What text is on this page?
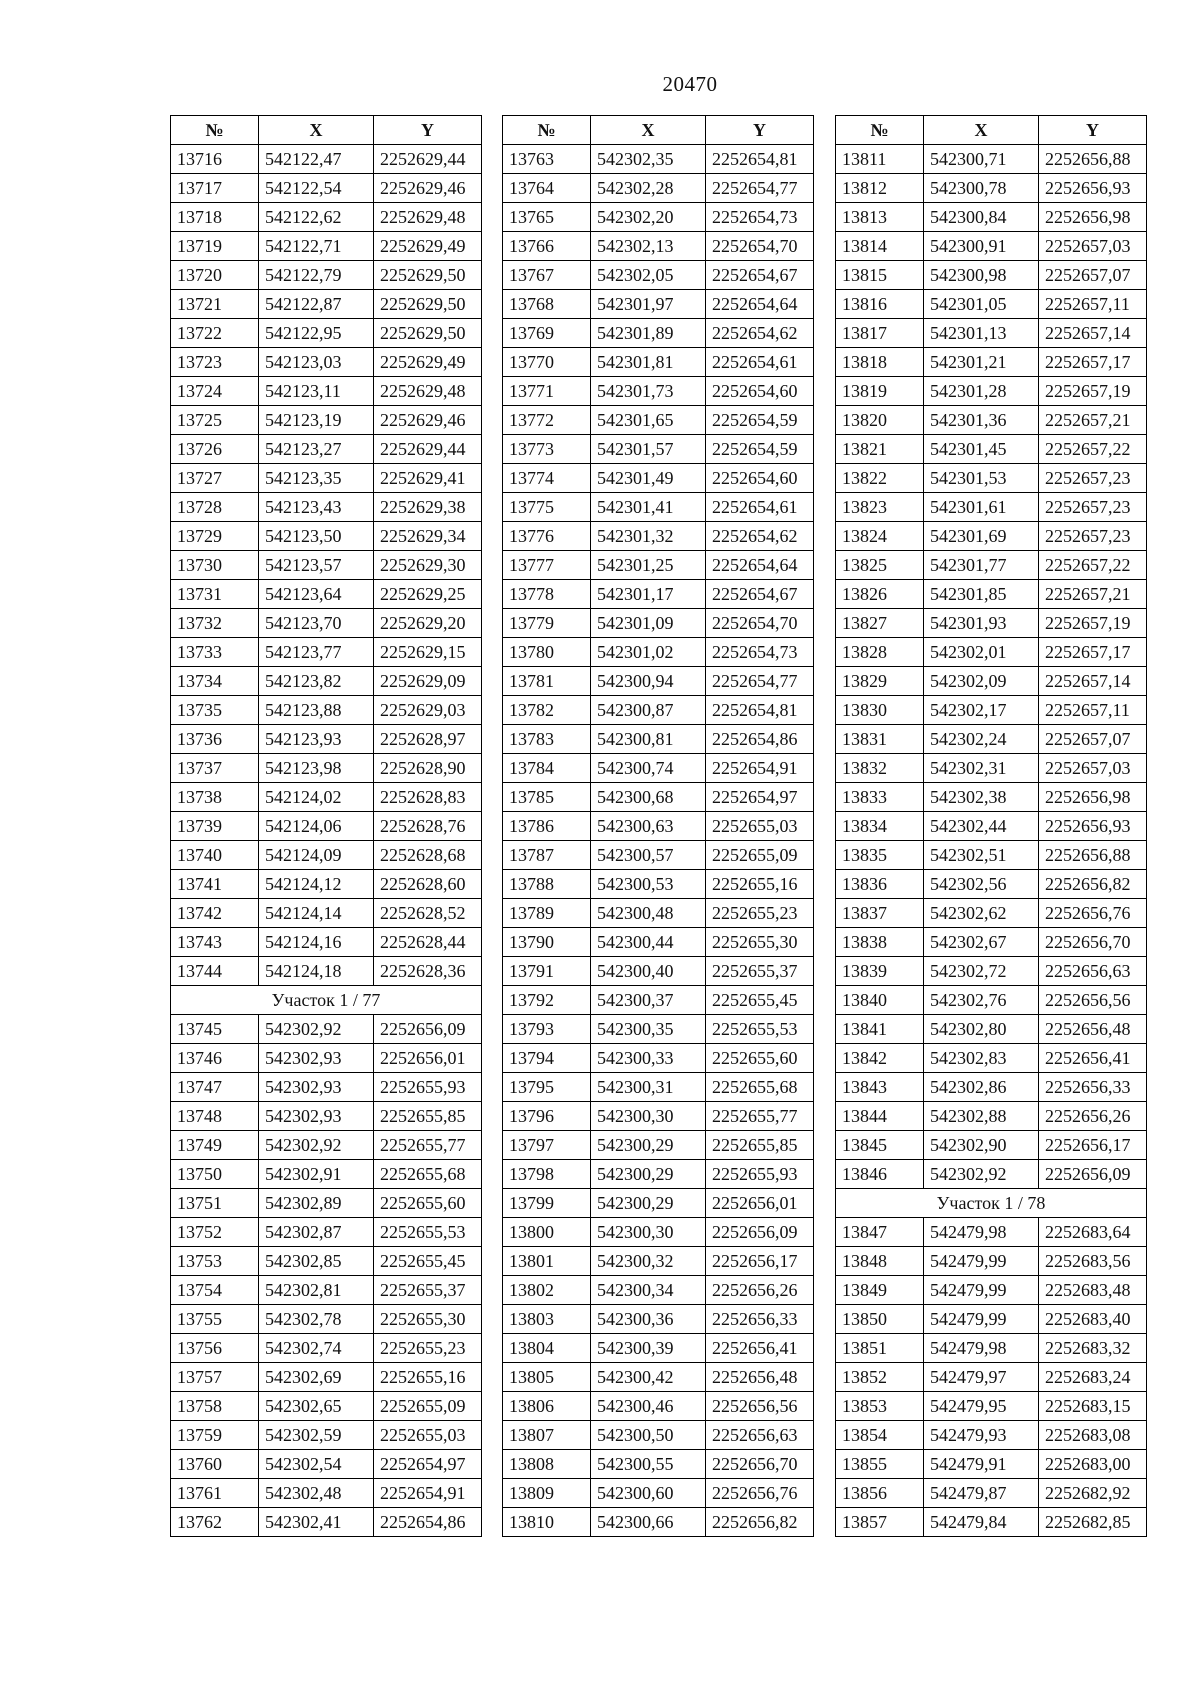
20470
№	X	Y
13716	542122,47	2252629,44
13717	542122,54	2252629,46
13718	542122,62	2252629,48
13719	542122,71	2252629,49
13720	542122,79	2252629,50
13721	542122,87	2252629,50
13722	542122,95	2252629,50
13723	542123,03	2252629,49
13724	542123,11	2252629,48
13725	542123,19	2252629,46
13726	542123,27	2252629,44
13727	542123,35	2252629,41
13728	542123,43	2252629,38
13729	542123,50	2252629,34
13730	542123,57	2252629,30
13731	542123,64	2252629,25
13732	542123,70	2252629,20
13733	542123,77	2252629,15
13734	542123,82	2252629,09
13735	542123,88	2252629,03
13736	542123,93	2252628,97
13737	542123,98	2252628,90
13738	542124,02	2252628,83
13739	542124,06	2252628,76
13740	542124,09	2252628,68
13741	542124,12	2252628,60
13742	542124,14	2252628,52
13743	542124,16	2252628,44
13744	542124,18	2252628,36
Участок 1 / 77		
13745	542302,92	2252656,09
13746	542302,93	2252656,01
13747	542302,93	2252655,93
13748	542302,93	2252655,85
13749	542302,92	2252655,77
13750	542302,91	2252655,68
13751	542302,89	2252655,60
13752	542302,87	2252655,53
13753	542302,85	2252655,45
13754	542302,81	2252655,37
13755	542302,78	2252655,30
13756	542302,74	2252655,23
13757	542302,69	2252655,16
13758	542302,65	2252655,09
13759	542302,59	2252655,03
13760	542302,54	2252654,97
13761	542302,48	2252654,91
13762	542302,41	2252654,86
№	X	Y
13763	542302,35	2252654,81
13764	542302,28	2252654,77
13765	542302,20	2252654,73
13766	542302,13	2252654,70
13767	542302,05	2252654,67
13768	542301,97	2252654,64
13769	542301,89	2252654,62
13770	542301,81	2252654,61
13771	542301,73	2252654,60
13772	542301,65	2252654,59
13773	542301,57	2252654,59
13774	542301,49	2252654,60
13775	542301,41	2252654,61
13776	542301,32	2252654,62
13777	542301,25	2252654,64
13778	542301,17	2252654,67
13779	542301,09	2252654,70
13780	542301,02	2252654,73
13781	542300,94	2252654,77
13782	542300,87	2252654,81
13783	542300,81	2252654,86
13784	542300,74	2252654,91
13785	542300,68	2252654,97
13786	542300,63	2252655,03
13787	542300,57	2252655,09
13788	542300,53	2252655,16
13789	542300,48	2252655,23
13790	542300,44	2252655,30
13791	542300,40	2252655,37
13792	542300,37	2252655,45
13793	542300,35	2252655,53
13794	542300,33	2252655,60
13795	542300,31	2252655,68
13796	542300,30	2252655,77
13797	542300,29	2252655,85
13798	542300,29	2252655,93
13799	542300,29	2252656,01
13800	542300,30	2252656,09
13801	542300,32	2252656,17
13802	542300,34	2252656,26
13803	542300,36	2252656,33
13804	542300,39	2252656,41
13805	542300,42	2252656,48
13806	542300,46	2252656,56
13807	542300,50	2252656,63
13808	542300,55	2252656,70
13809	542300,60	2252656,76
13810	542300,66	2252656,82
№	X	Y
13811	542300,71	2252656,88
13812	542300,78	2252656,93
13813	542300,84	2252656,98
13814	542300,91	2252657,03
13815	542300,98	2252657,07
13816	542301,05	2252657,11
13817	542301,13	2252657,14
13818	542301,21	2252657,17
13819	542301,28	2252657,19
13820	542301,36	2252657,21
13821	542301,45	2252657,22
13822	542301,53	2252657,23
13823	542301,61	2252657,23
13824	542301,69	2252657,23
13825	542301,77	2252657,22
13826	542301,85	2252657,21
13827	542301,93	2252657,19
13828	542302,01	2252657,17
13829	542302,09	2252657,14
13830	542302,17	2252657,11
13831	542302,24	2252657,07
13832	542302,31	2252657,03
13833	542302,38	2252656,98
13834	542302,44	2252656,93
13835	542302,51	2252656,88
13836	542302,56	2252656,82
13837	542302,62	2252656,76
13838	542302,67	2252656,70
13839	542302,72	2252656,63
13840	542302,76	2252656,56
13841	542302,80	2252656,48
13842	542302,83	2252656,41
13843	542302,86	2252656,33
13844	542302,88	2252656,26
13845	542302,90	2252656,17
13846	542302,92	2252656,09
Участок 1 / 78		
13847	542479,98	2252683,64
13848	542479,99	2252683,56
13849	542479,99	2252683,48
13850	542479,99	2252683,40
13851	542479,98	2252683,32
13852	542479,97	2252683,24
13853	542479,95	2252683,15
13854	542479,93	2252683,08
13855	542479,91	2252683,00
13856	542479,87	2252682,92
13857	542479,84	2252682,85
